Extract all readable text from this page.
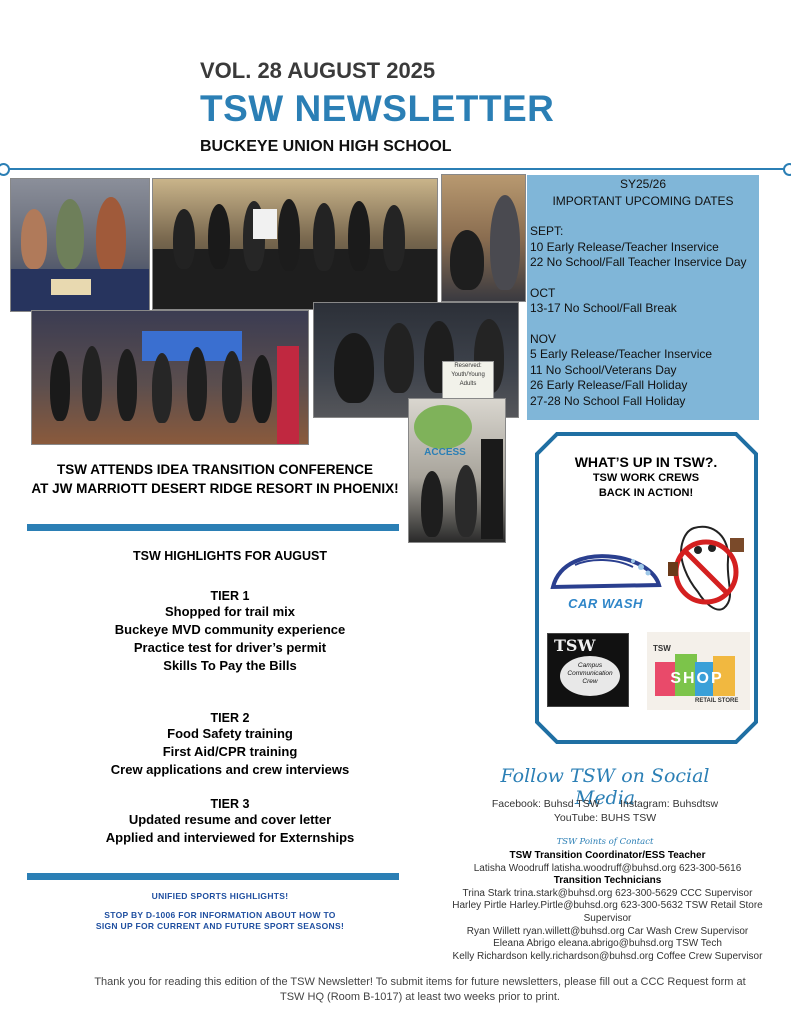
VOL. 28 AUGUST 2025
TSW NEWSLETTER
BUCKEYE UNION HIGH SCHOOL
Reserved:
Youth/Young
Adults
ACCESS
SY25/26
IMPORTANT UPCOMING DATES
SEPT:
10 Early Release/Teacher Inservice
22 No School/Fall Teacher Inservice Day
OCT
13-17 No School/Fall Break
NOV
5 Early Release/Teacher Inservice
11 No School/Veterans Day
26 Early Release/Fall Holiday
27-28 No School Fall Holiday
TSW ATTENDS IDEA TRANSITION CONFERENCE
AT JW MARRIOTT DESERT RIDGE RESORT IN PHOENIX!
TSW HIGHLIGHTS FOR AUGUST
TIER 1
Shopped for trail mix
Buckeye MVD community experience
Practice test for driver’s permit
Skills To Pay the Bills
TIER 2
Food Safety training
First Aid/CPR training
Crew applications and crew interviews
TIER 3
Updated resume and cover letter
Applied and interviewed for Externships
UNIFIED SPORTS HIGHLIGHTS!
STOP BY D-1006 FOR INFORMATION ABOUT HOW TO
SIGN UP FOR CURRENT AND FUTURE SPORT SEASONS!
WHAT’S UP IN TSW?.
TSW WORK CREWS
BACK IN ACTION!
CAR WASH
TSW
Campus
Communication
Crew
TSW
SHOP
RETAIL STORE
Follow TSW on Social Media
Facebook: Buhsd TSW Instagram: Buhsdtsw
YouTube: BUHS TSW
TSW Points of Contact
TSW Transition Coordinator/ESS Teacher
Latisha Woodruff latisha.woodruff@buhsd.org 623-300-5616
Transition Technicians
Trina Stark trina.stark@buhsd.org 623-300-5629 CCC Supervisor
Harley Pirtle Harley.Pirtle@buhsd.org 623-300-5632 TSW Retail Store
Supervisor
Ryan Willett ryan.willett@buhsd.org Car Wash Crew Supervisor
Eleana Abrigo eleana.abrigo@buhsd.org TSW Tech
Kelly Richardson kelly.richardson@buhsd.org Coffee Crew Supervisor
Thank you for reading this edition of the TSW Newsletter! To submit items for future newsletters, please fill out a CCC Request form at
TSW HQ (Room B-1017) at least two weeks prior to print.
